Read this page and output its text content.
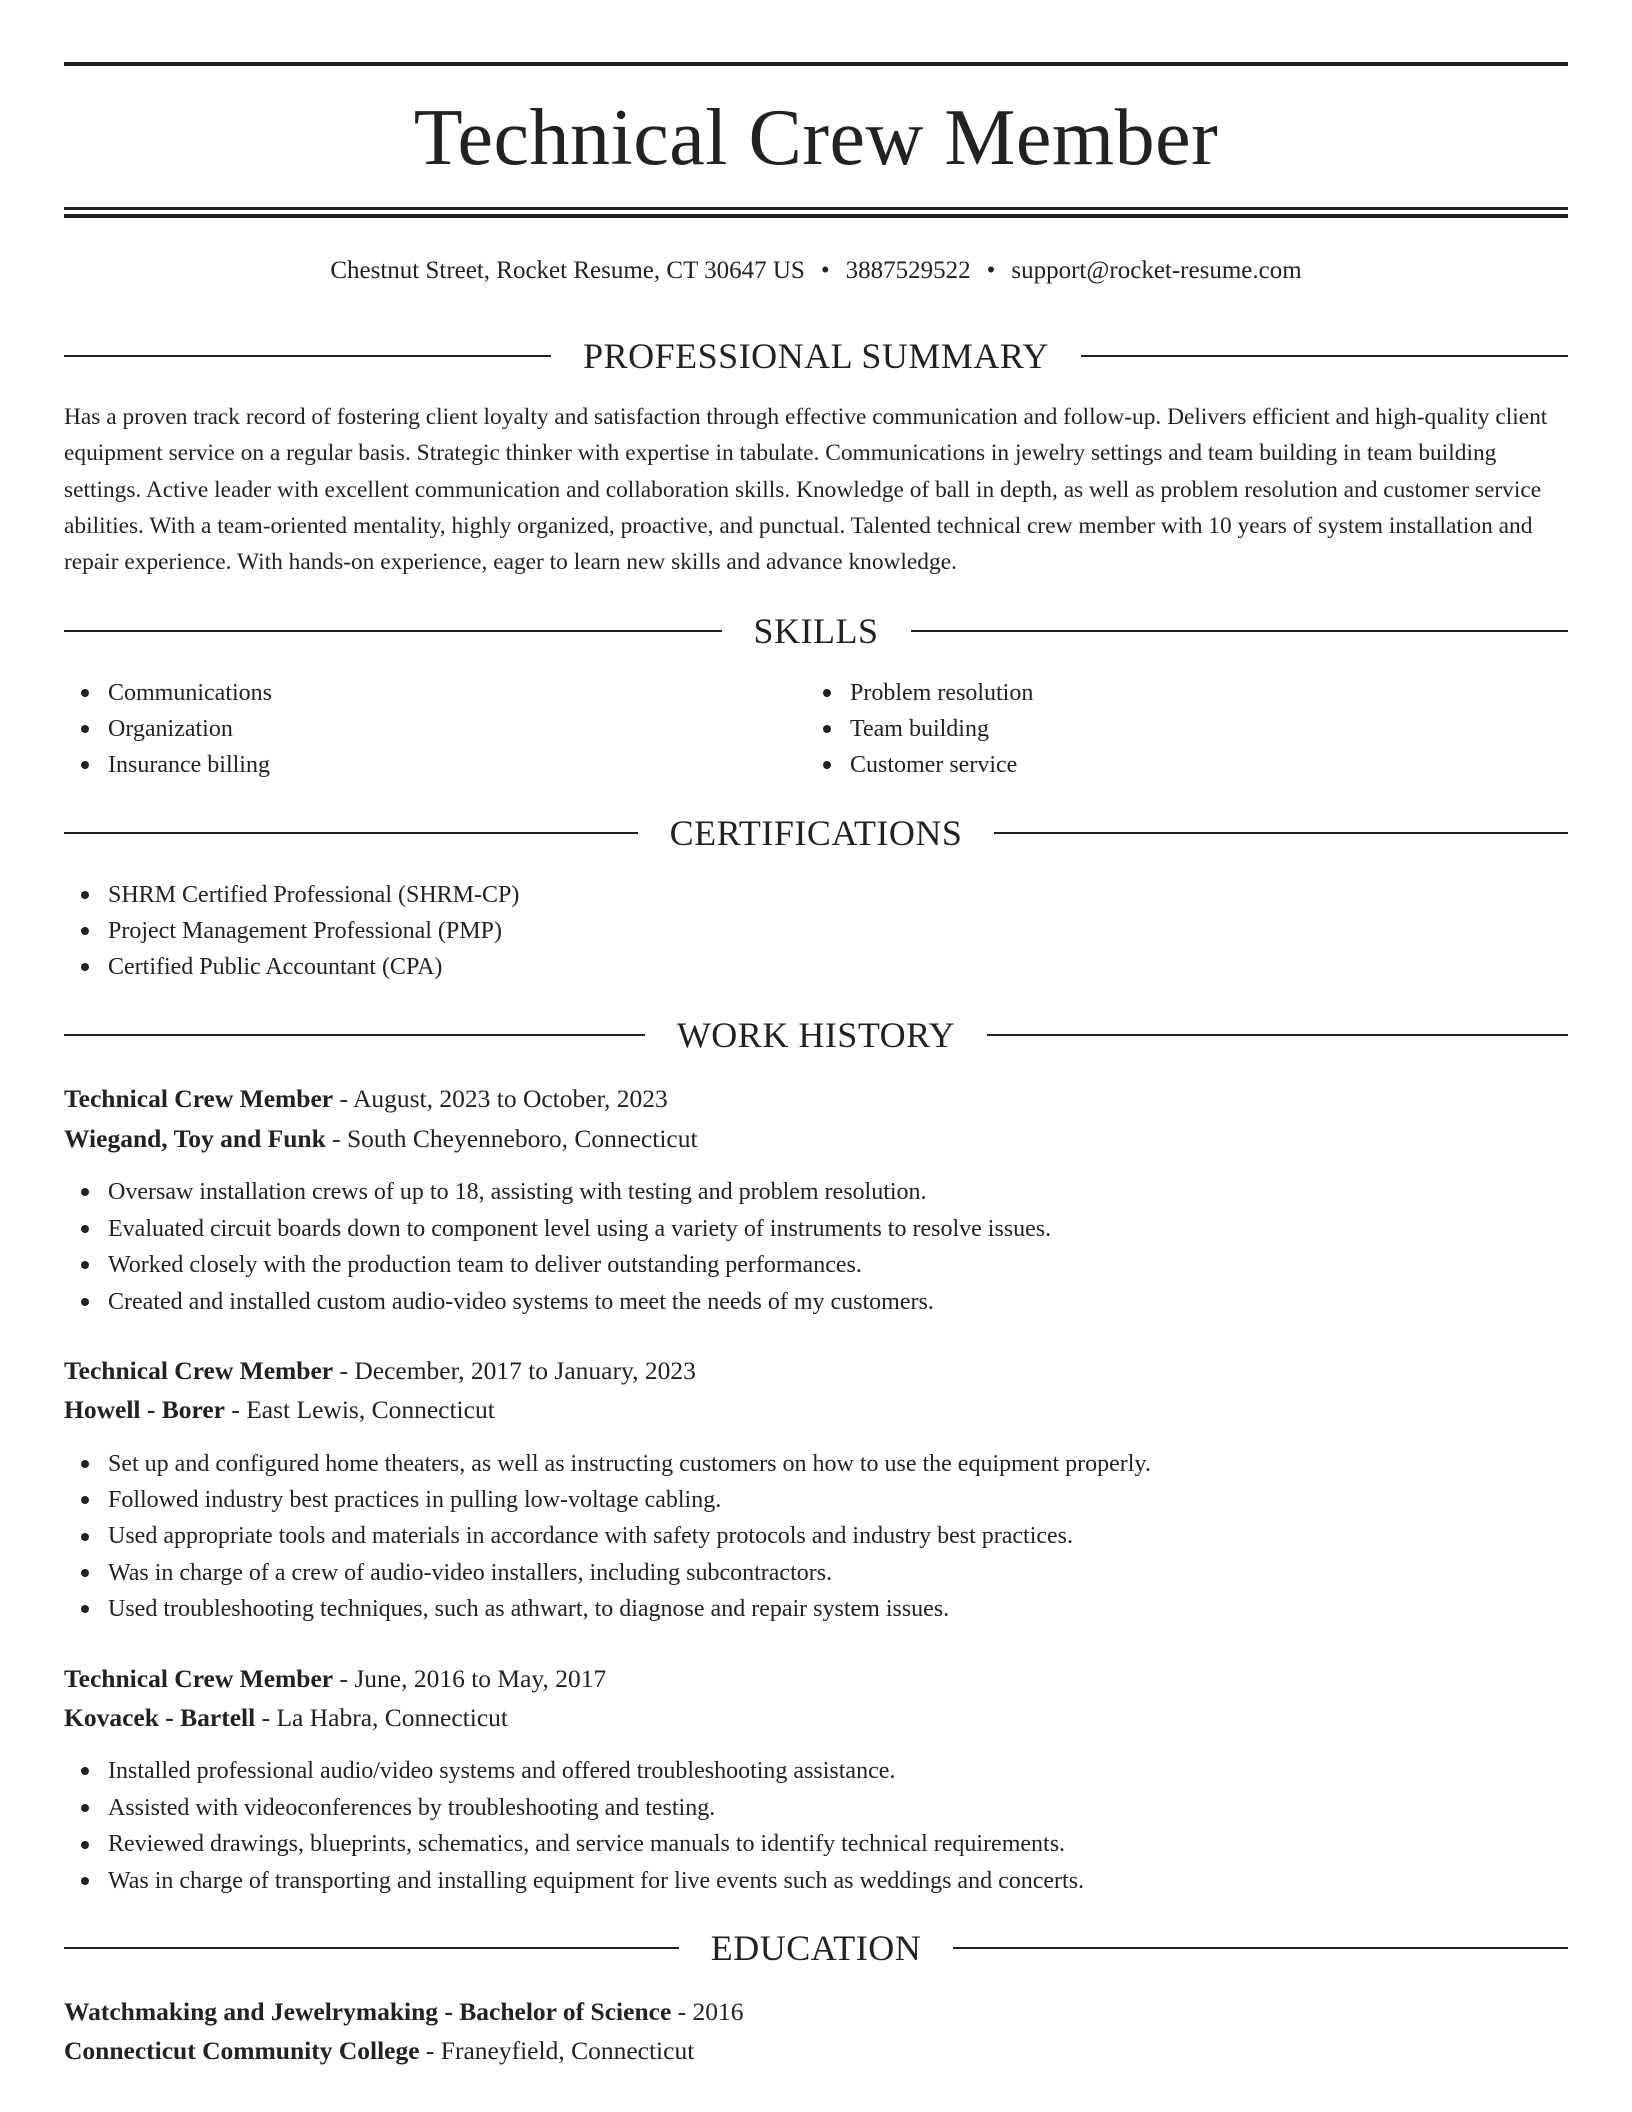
Technical Crew Member
Chestnut Street, Rocket Resume, CT 30647 US • 3887529522 • support@rocket-resume.com
PROFESSIONAL SUMMARY

Has a proven track record of fostering client loyalty and satisfaction through effective communication and follow-up. Delivers efficient and high-quality client equipment service on a regular basis. Strategic thinker with expertise in tabulate. Communications in jewelry settings and team building in team building settings. Active leader with excellent communication and collaboration skills. Knowledge of ball in depth, as well as problem resolution and customer service abilities. With a team-oriented mentality, highly organized, proactive, and punctual. Talented technical crew member with 10 years of system installation and repair experience. With hands-on experience, eager to learn new skills and advance knowledge.

SKILLS
Communications
Organization
Insurance billing
Problem resolution
Team building
Customer service
CERTIFICATIONS
SHRM Certified Professional (SHRM-CP)
Project Management Professional (PMP)
Certified Public Accountant (CPA)
WORK HISTORY
Technical Crew Member - August, 2023 to October, 2023
Wiegand, Toy and Funk - South Cheyenneboro, Connecticut
Oversaw installation crews of up to 18, assisting with testing and problem resolution.
Evaluated circuit boards down to component level using a variety of instruments to resolve issues.
Worked closely with the production team to deliver outstanding performances.
Created and installed custom audio-video systems to meet the needs of my customers.
Technical Crew Member - December, 2017 to January, 2023
Howell - Borer - East Lewis, Connecticut
Set up and configured home theaters, as well as instructing customers on how to use the equipment properly.
Followed industry best practices in pulling low-voltage cabling.
Used appropriate tools and materials in accordance with safety protocols and industry best practices.
Was in charge of a crew of audio-video installers, including subcontractors.
Used troubleshooting techniques, such as athwart, to diagnose and repair system issues.
Technical Crew Member - June, 2016 to May, 2017
Kovacek - Bartell - La Habra, Connecticut
Installed professional audio/video systems and offered troubleshooting assistance.
Assisted with videoconferences by troubleshooting and testing.
Reviewed drawings, blueprints, schematics, and service manuals to identify technical requirements.
Was in charge of transporting and installing equipment for live events such as weddings and concerts.
EDUCATION
Watchmaking and Jewelrymaking - Bachelor of Science - 2016
Connecticut Community College - Franeyfield, Connecticut
